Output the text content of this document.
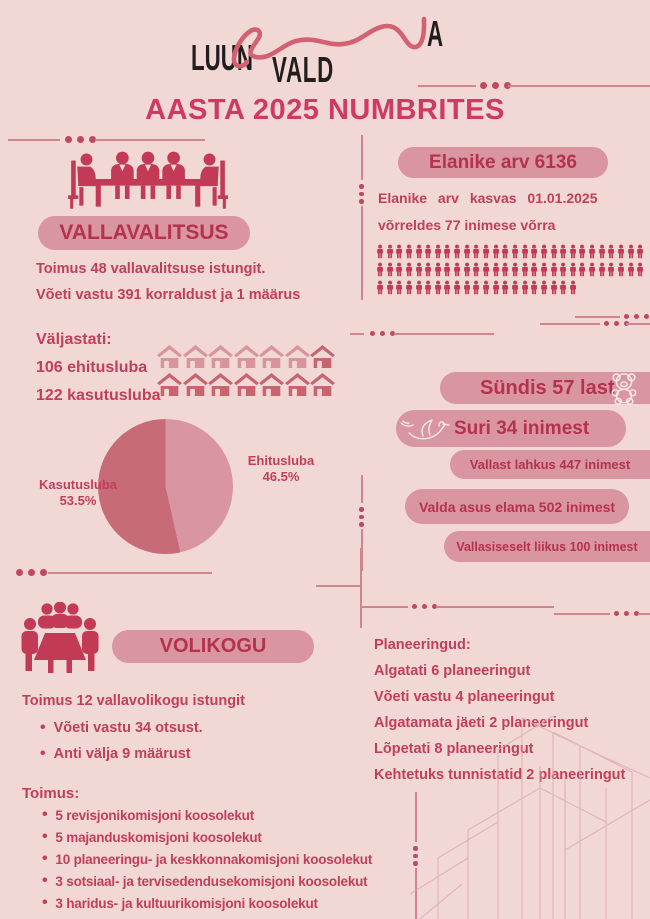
LUUN VALD
A
AASTA 2025 NUMBRITES
VALLAVALITSUS
Toimus 48 vallavalitsuse istungit.
Võeti vastu 391 korraldust ja 1 määrus
Elanike arv 6136
Elanike arv kasvas 01.01.2025
võrreldes 77 inimese võrra
Väljastati:
106 ehitusluba
122 kasutusluba
Ehitusluba
46.5%
Kasutusluba
53.5%
Sündis 57 last
Suri 34 inimest
Vallast lahkus 447 inimest
Valda asus elama 502 inimest
Vallasiseselt liikus 100 inimest
VOLIKOGU
Toimus 12 vallavolikogu istungit
•
Võeti vastu 34 otsust.
•
Anti välja 9 määrust
Planeeringud:
Algatati 6 planeeringut
Võeti vastu 4 planeeringut
Algatamata jäeti 2 planeeringut
Lõpetati 8 planeeringut
Kehtetuks tunnistatid 2 planeeringut
Toimus:
•
5 revisjonikomisjoni koosolekut
•
5 majanduskomisjoni koosolekut
•
10 planeeringu- ja keskkonnakomisjoni koosolekut
•
3 sotsiaal- ja tervisedendusekomisjoni koosolekut
•
3 haridus- ja kultuurikomisjoni koosolekut
